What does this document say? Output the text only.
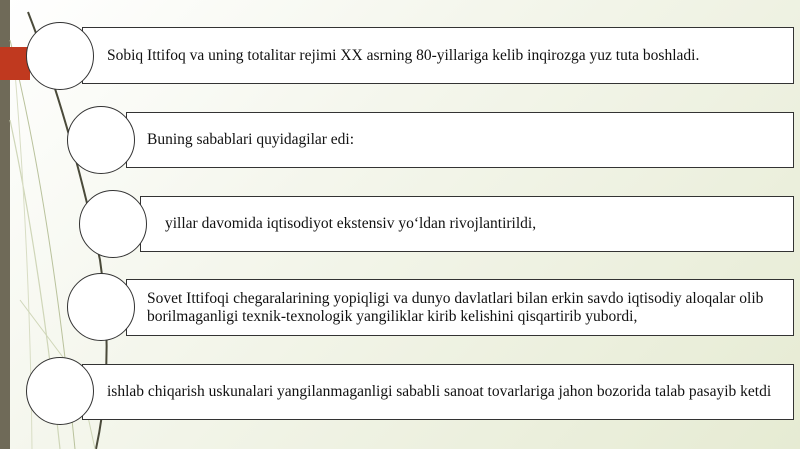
Sobiq Ittifoq va uning totalitar rejimi XX asrning 80-yillariga kelib inqirozga yuz tuta boshladi.
Buning sabablari quyidagilar edi:
yillar davomida iqtisodiyot ekstensiv yo‘ldan rivojlantirildi,
Sovet Ittifoqi chegaralarining yopiqligi va dunyo davlatlari bilan erkin savdo iqtisodiy aloqalar olib borilmaganligi texnik-texnologik yangiliklar kirib kelishini qisqartirib yubordi,
ishlab chiqarish uskunalari yangilanmaganligi sababli sanoat tovarlariga jahon bozorida talab pasayib ketdi
